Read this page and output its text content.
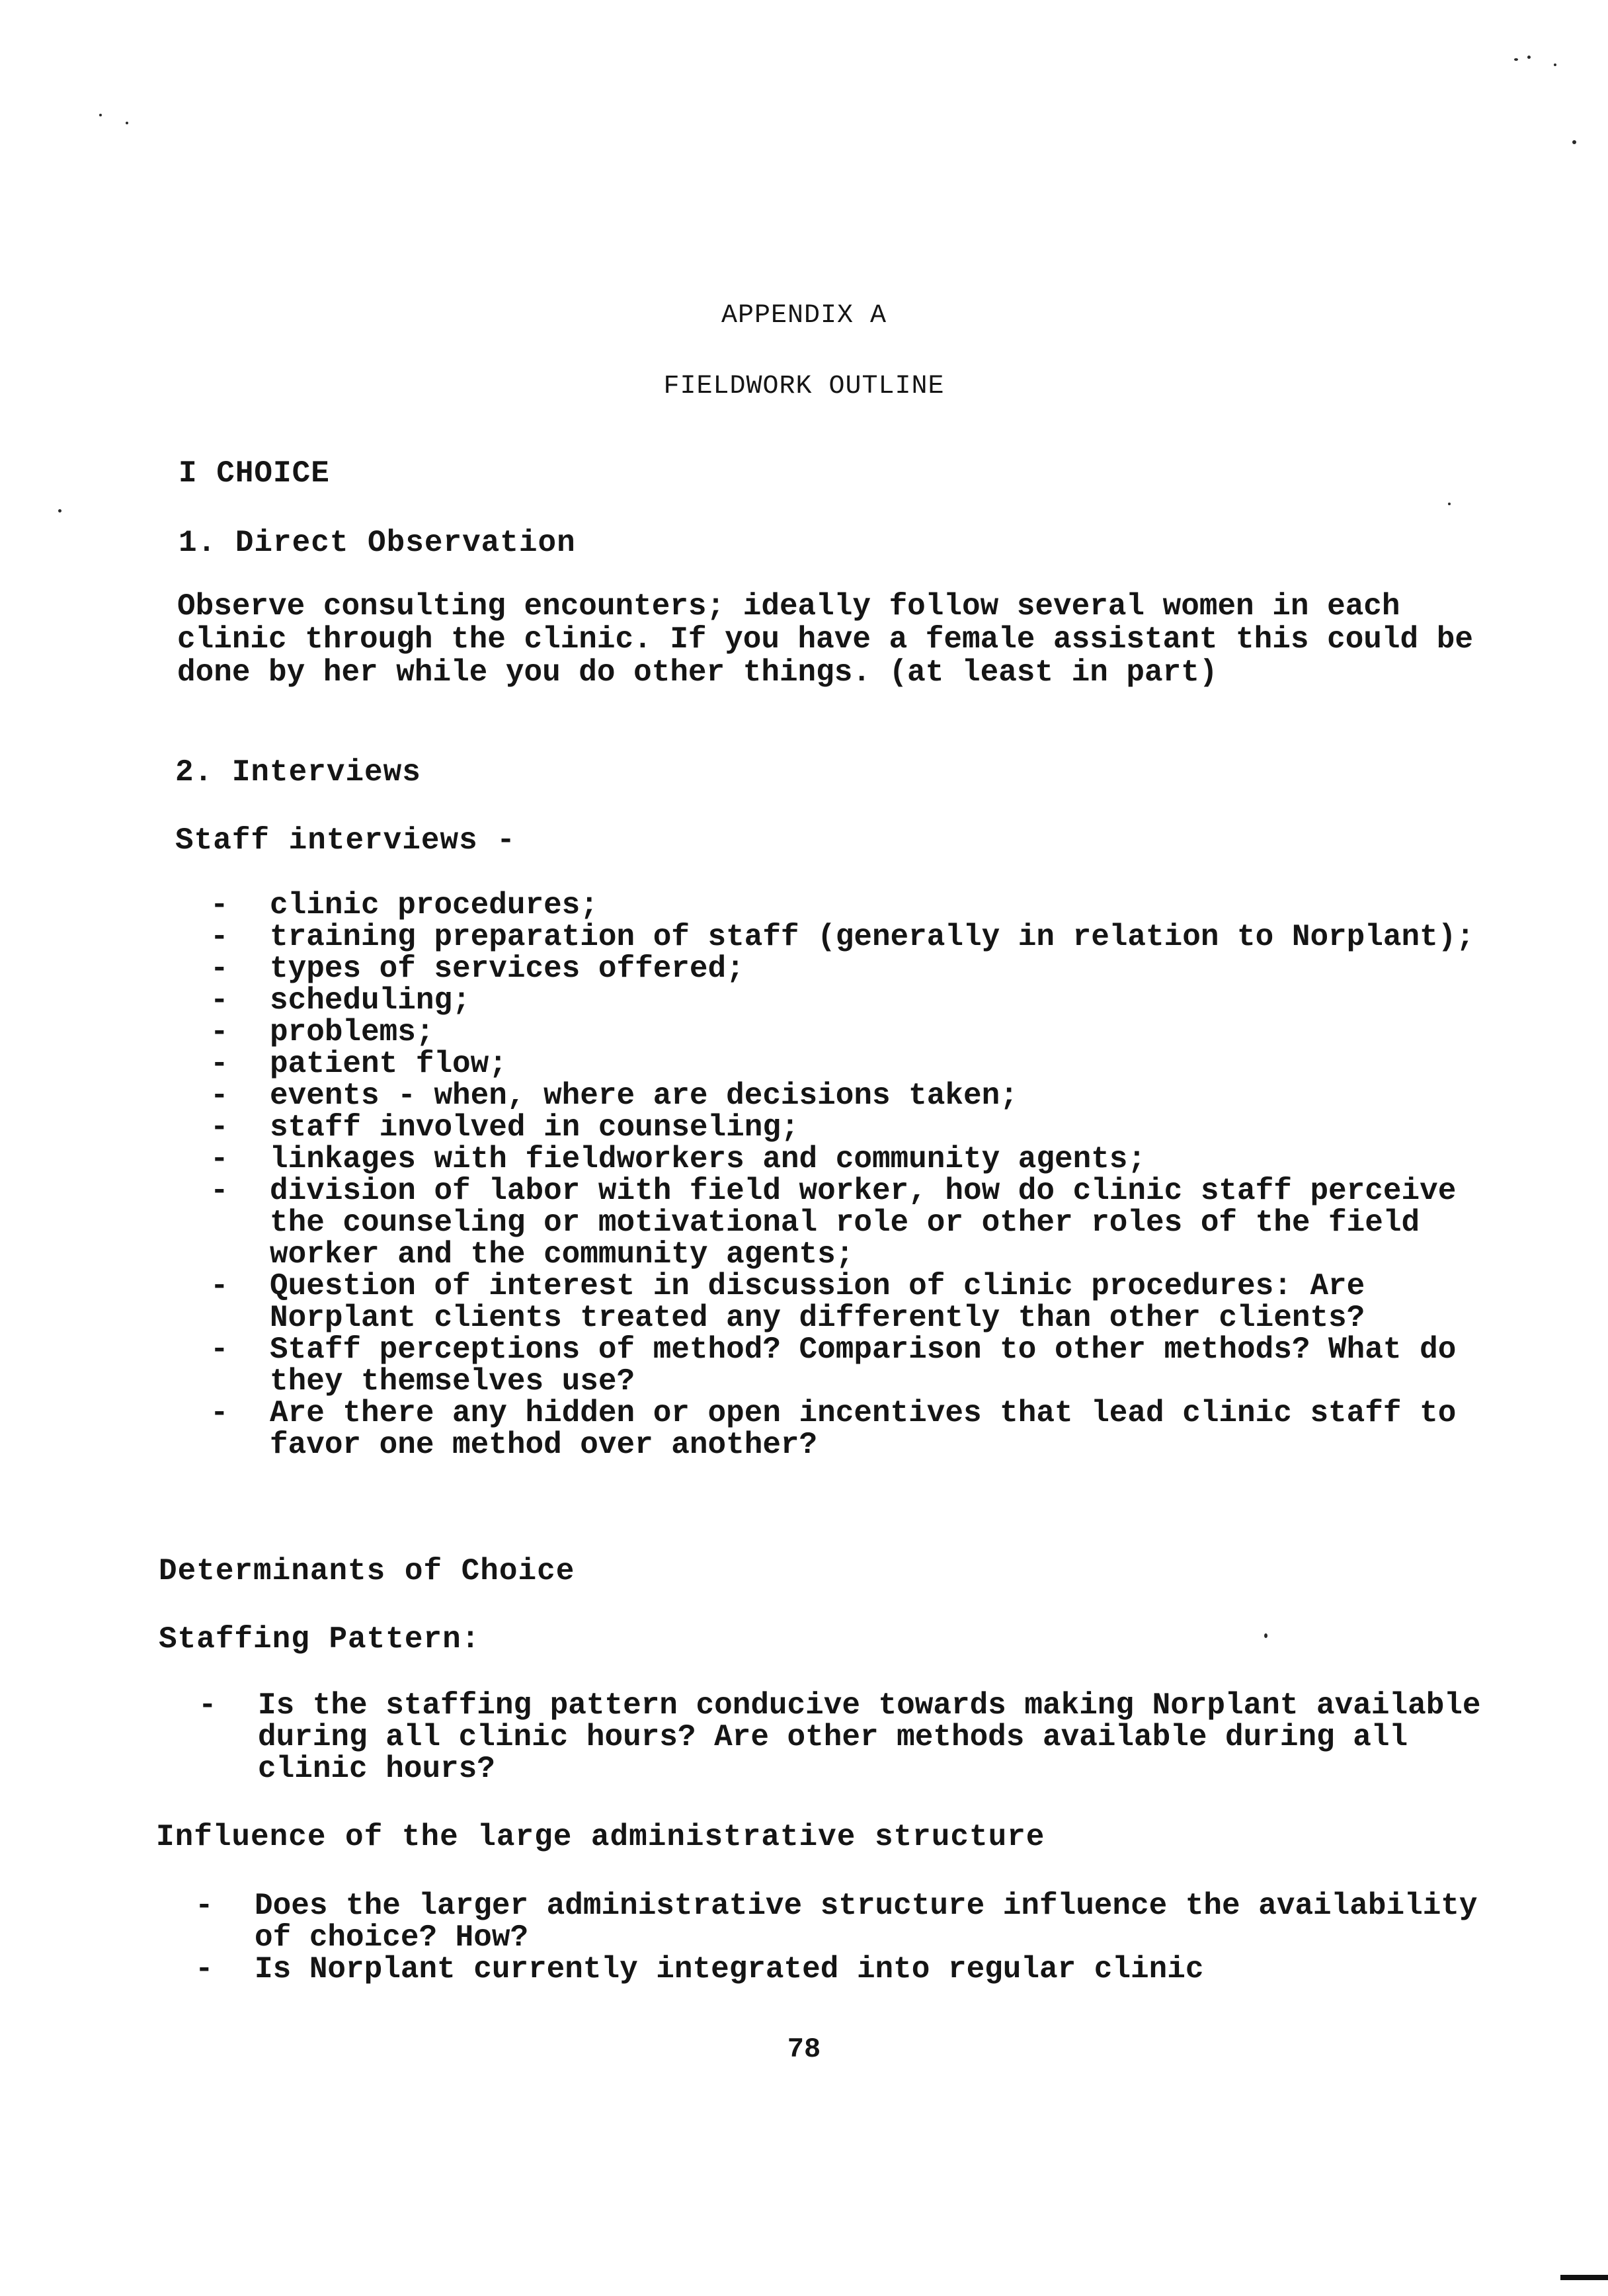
APPENDIX A
FIELDWORK OUTLINE
I CHOICE
1. Direct Observation
Observe consulting encounters; ideally follow several women in each clinic through the clinic. If you have a female assistant this could be done by her while you do other things. (at least in part)
2. Interviews
Staff interviews -
- clinic procedures;
- training preparation of staff (generally in relation to Norplant);
- types of services offered;
- scheduling;
- problems;
- patient flow;
- events - when, where are decisions taken;
- staff involved in counseling;
- linkages with fieldworkers and community agents;
- division of labor with field worker, how do clinic staff perceive the counseling or motivational role or other roles of the field worker and the community agents;
- Question of interest in discussion of clinic procedures: Are Norplant clients treated any differently than other clients?
- Staff perceptions of method? Comparison to other methods? What do they themselves use?
- Are there any hidden or open incentives that lead clinic staff to favor one method over another?
Determinants of Choice
Staffing Pattern:
- Is the staffing pattern conducive towards making Norplant available during all clinic hours? Are other methods available during all clinic hours?
Influence of the large administrative structure
- Does the larger administrative structure influence the availability of choice? How?
- Is Norplant currently integrated into regular clinic
78
